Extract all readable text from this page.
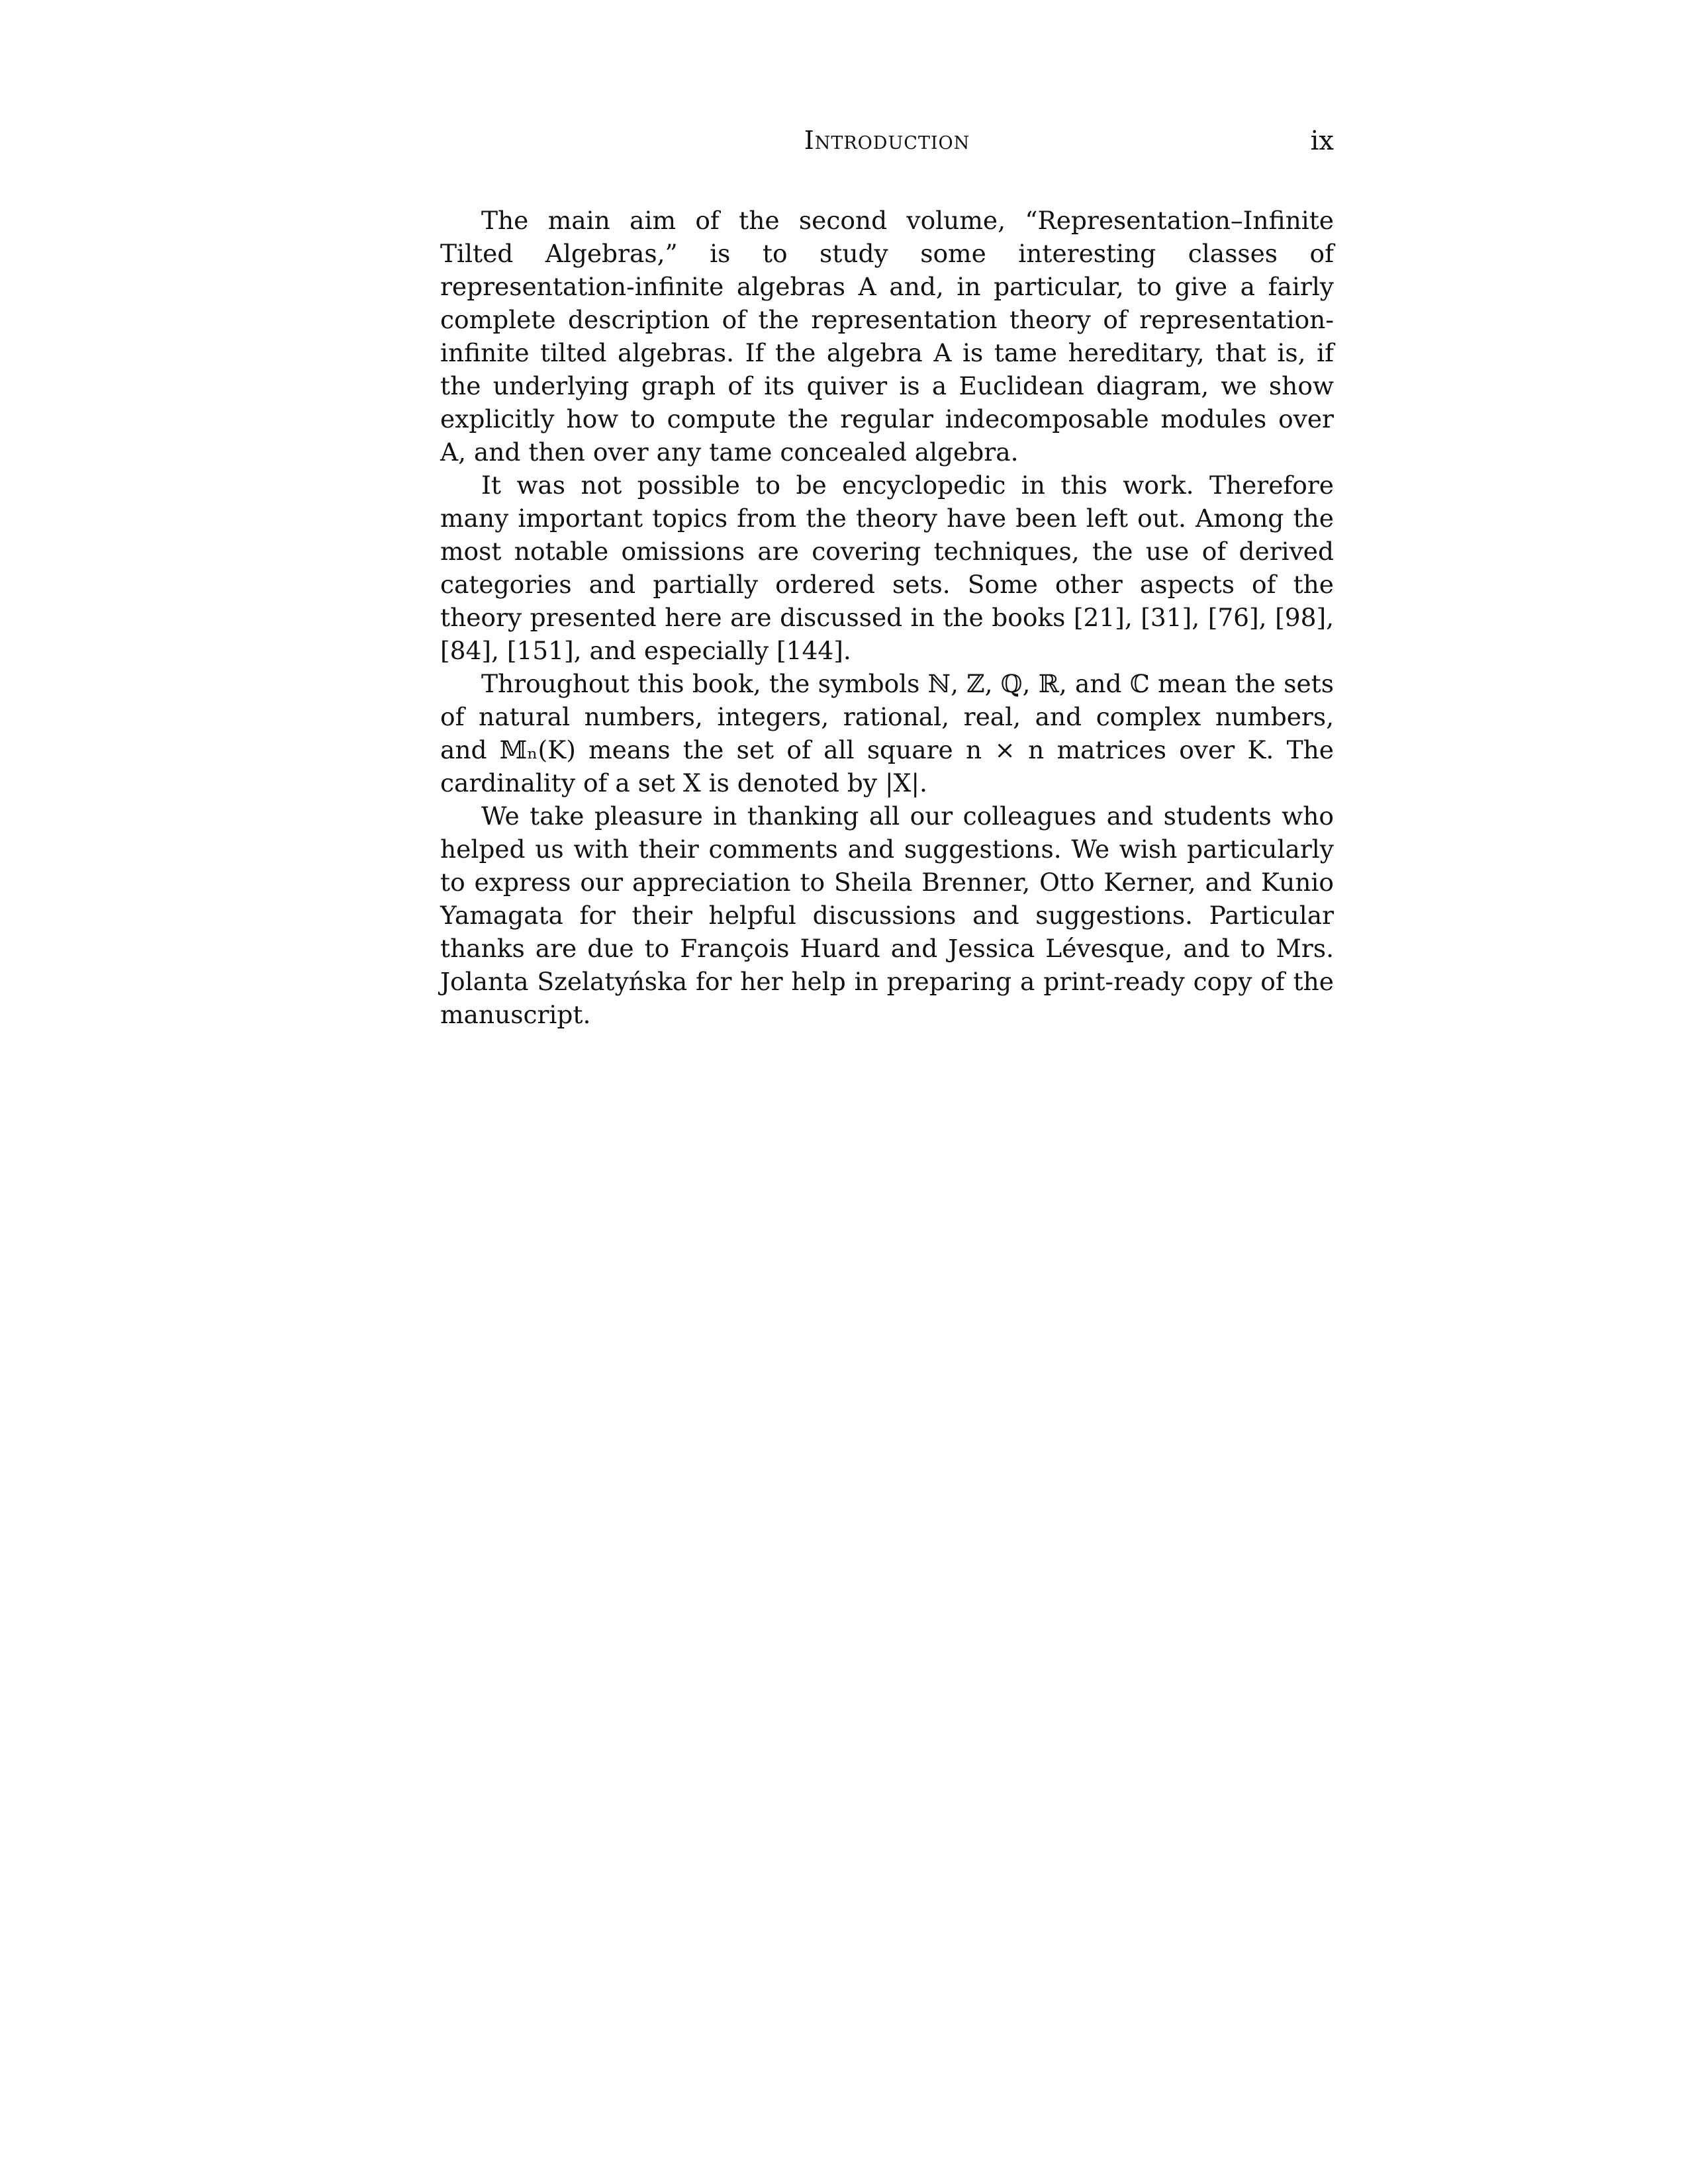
Introduction	ix

The main aim of the second volume, “Representation–Infinite Tilted Algebras,” is to study some interesting classes of representation-infinite algebras A and, in particular, to give a fairly complete description of the representation theory of representation-infinite tilted algebras. If the algebra A is tame hereditary, that is, if the underlying graph of its quiver is a Euclidean diagram, we show explicitly how to compute the regular indecomposable modules over A, and then over any tame concealed algebra.

It was not possible to be encyclopedic in this work. Therefore many important topics from the theory have been left out. Among the most notable omissions are covering techniques, the use of derived categories and partially ordered sets. Some other aspects of the theory presented here are discussed in the books [21], [31], [76], [98], [84], [151], and especially [144].

Throughout this book, the symbols ℕ, ℤ, ℚ, ℝ, and ℂ mean the sets of natural numbers, integers, rational, real, and complex numbers, and 𝕄ₙ(K) means the set of all square n × n matrices over K. The cardinality of a set X is denoted by |X|.

We take pleasure in thanking all our colleagues and students who helped us with their comments and suggestions. We wish particularly to express our appreciation to Sheila Brenner, Otto Kerner, and Kunio Yamagata for their helpful discussions and suggestions. Particular thanks are due to François Huard and Jessica Lévesque, and to Mrs. Jolanta Szelatyńska for her help in preparing a print-ready copy of the manuscript.
